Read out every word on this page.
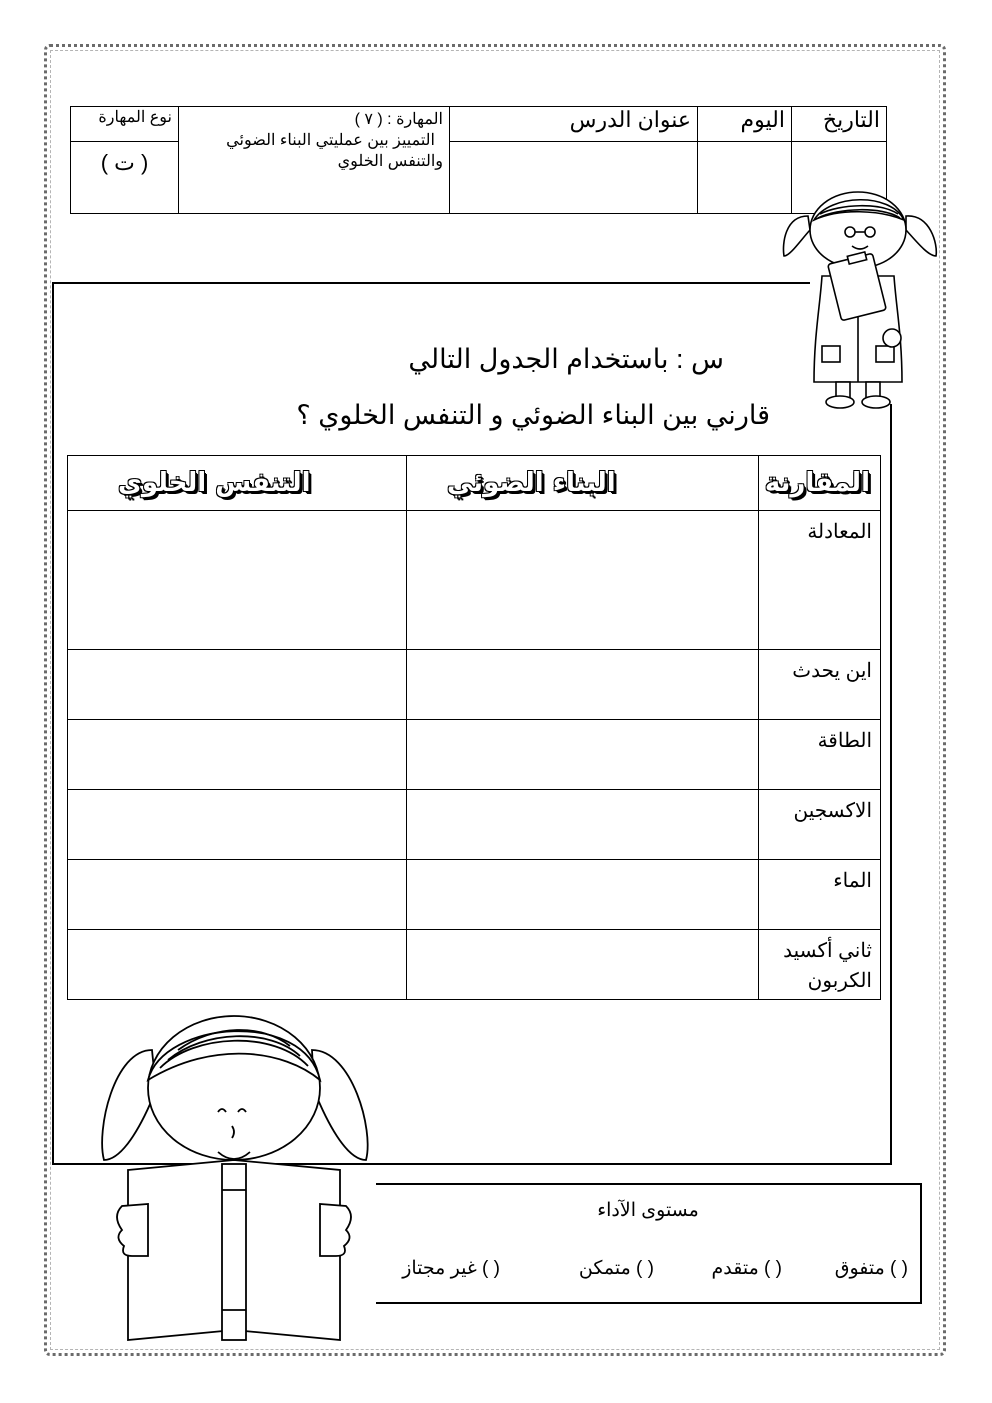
التاريخ	اليوم	عنوان الدرس	المهارة : ( ٧ )
التمييز بين عمليتي البناء الضوئي
والتنفس الخلوي	نوع المهارة
				( ت )
س : باستخدام الجدول التالي
قارني بين البناء الضوئي و التنفس الخلوي ؟
المقارنة	البناء الضوئي	التنفس الخلوي
المعادلة		
اين يحدث		
الطاقة		
الاكسجين		
الماء		
ثاني أكسيد الكربون		
مستوى الآداء
( ) متفوق
( ) متقدم
( ) متمكن
( ) غير مجتاز
